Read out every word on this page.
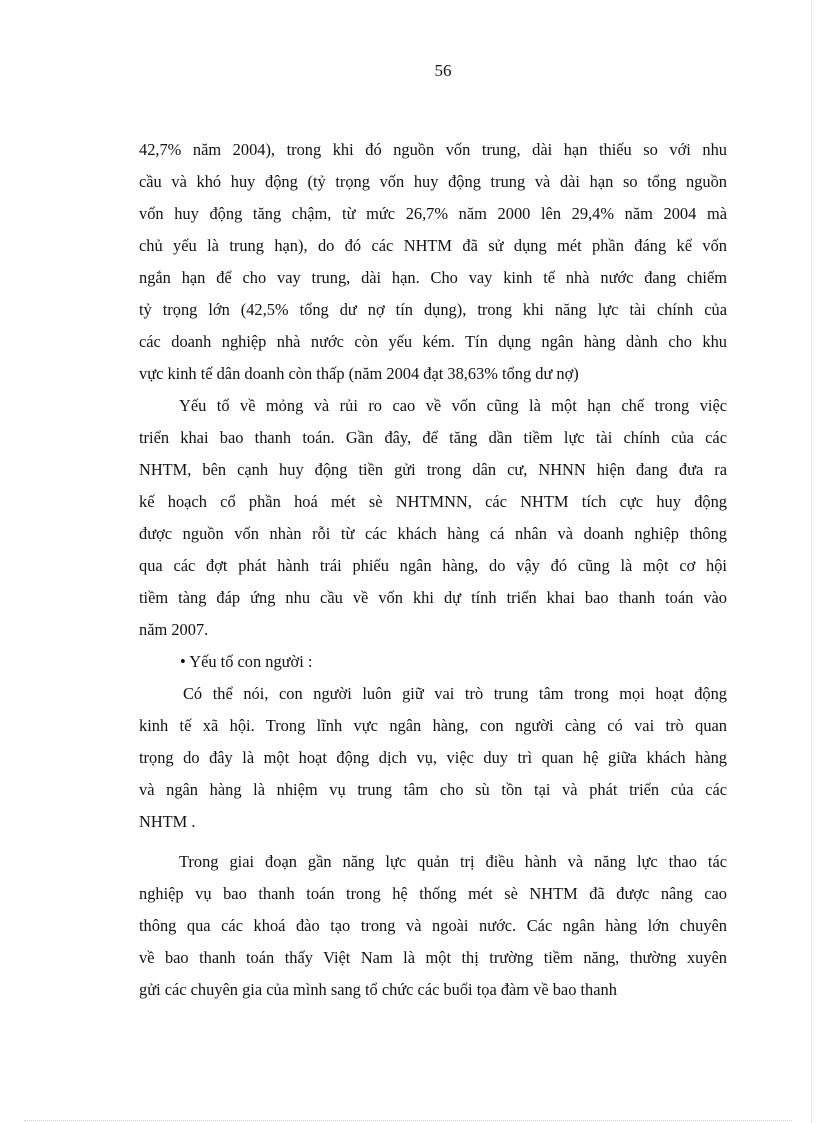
56
42,7% năm 2004), trong khi đó nguồn vốn trung, dài hạn thiếu so với nhu
cầu và khó huy động (tỷ trọng vốn huy động trung và dài hạn so tổng nguồn
vốn huy động tăng chậm, từ mức 26,7% năm 2000 lên 29,4% năm 2004 mà
chủ yếu là trung hạn), do đó các NHTM đã sử dụng mét phần đáng kể vốn
ngắn hạn để cho vay trung, dài hạn. Cho vay kinh tế nhà nước đang chiếm
tỷ trọng lớn (42,5% tổng dư nợ tín dụng), trong khi năng lực tài chính của
các doanh nghiệp nhà nước còn yếu kém. Tín dụng ngân hàng dành cho khu
vực kinh tế dân doanh còn thấp (năm 2004 đạt 38,63% tổng dư nợ)
Yếu tố về mỏng và rủi ro cao về vốn cũng là một hạn chế trong việc
triển khai bao thanh toán. Gần đây, để tăng dần tiềm lực tài chính của các
NHTM, bên cạnh huy động tiền gửi trong dân cư, NHNN hiện đang đưa ra
kế hoạch cổ phần hoá mét sè NHTMNN, các NHTM tích cực huy động
được nguồn vốn nhàn rỗi từ các khách hàng cá nhân và doanh nghiệp thông
qua các đợt phát hành trái phiếu ngân hàng, do vậy đó cũng là một cơ hội
tiềm tàng đáp ứng nhu cầu về vốn khi dự tính triển khai bao thanh toán vào
năm 2007.
• Yếu tố con người :
Có thể nói, con người luôn giữ vai trò trung tâm trong mọi hoạt động
kinh tế xã hội. Trong lĩnh vực ngân hàng, con người càng có vai trò quan
trọng do đây là một hoạt động dịch vụ, việc duy trì quan hệ giữa khách hàng
và ngân hàng là nhiệm vụ trung tâm cho sù tồn tại và phát triển của các
NHTM .
Trong giai đoạn gần năng lực quản trị điều hành và năng lực thao tác
nghiệp vụ bao thanh toán trong hệ thống mét sè NHTM đã được nâng cao
thông qua các khoá đào tạo trong và ngoài nước. Các ngân hàng lớn chuyên
về bao thanh toán thấy Việt Nam là một thị trường tiềm năng, thường xuyên
gửi các chuyên gia của mình sang tổ chức các buổi tọa đàm về bao thanh
